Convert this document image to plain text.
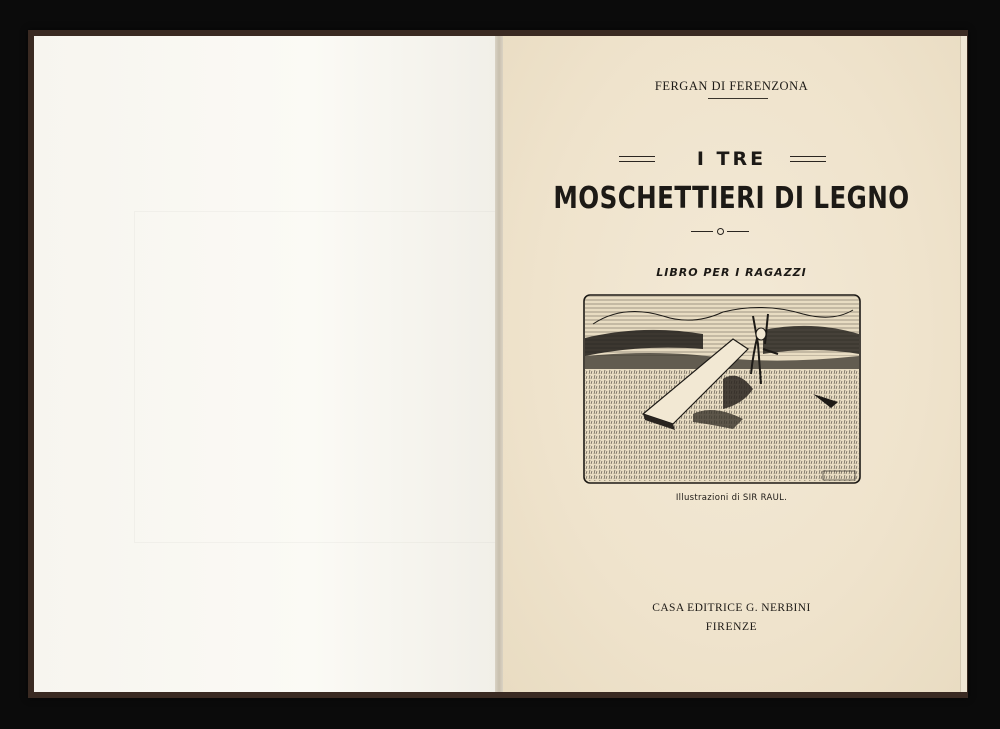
FERGAN DI FERENZONA
I TRE
MOSCHETTIERI DI LEGNO
LIBRO PER I RAGAZZI
Illustrazioni di SIR RAUL.
CASA EDITRICE G. NERBINI
FIRENZE
